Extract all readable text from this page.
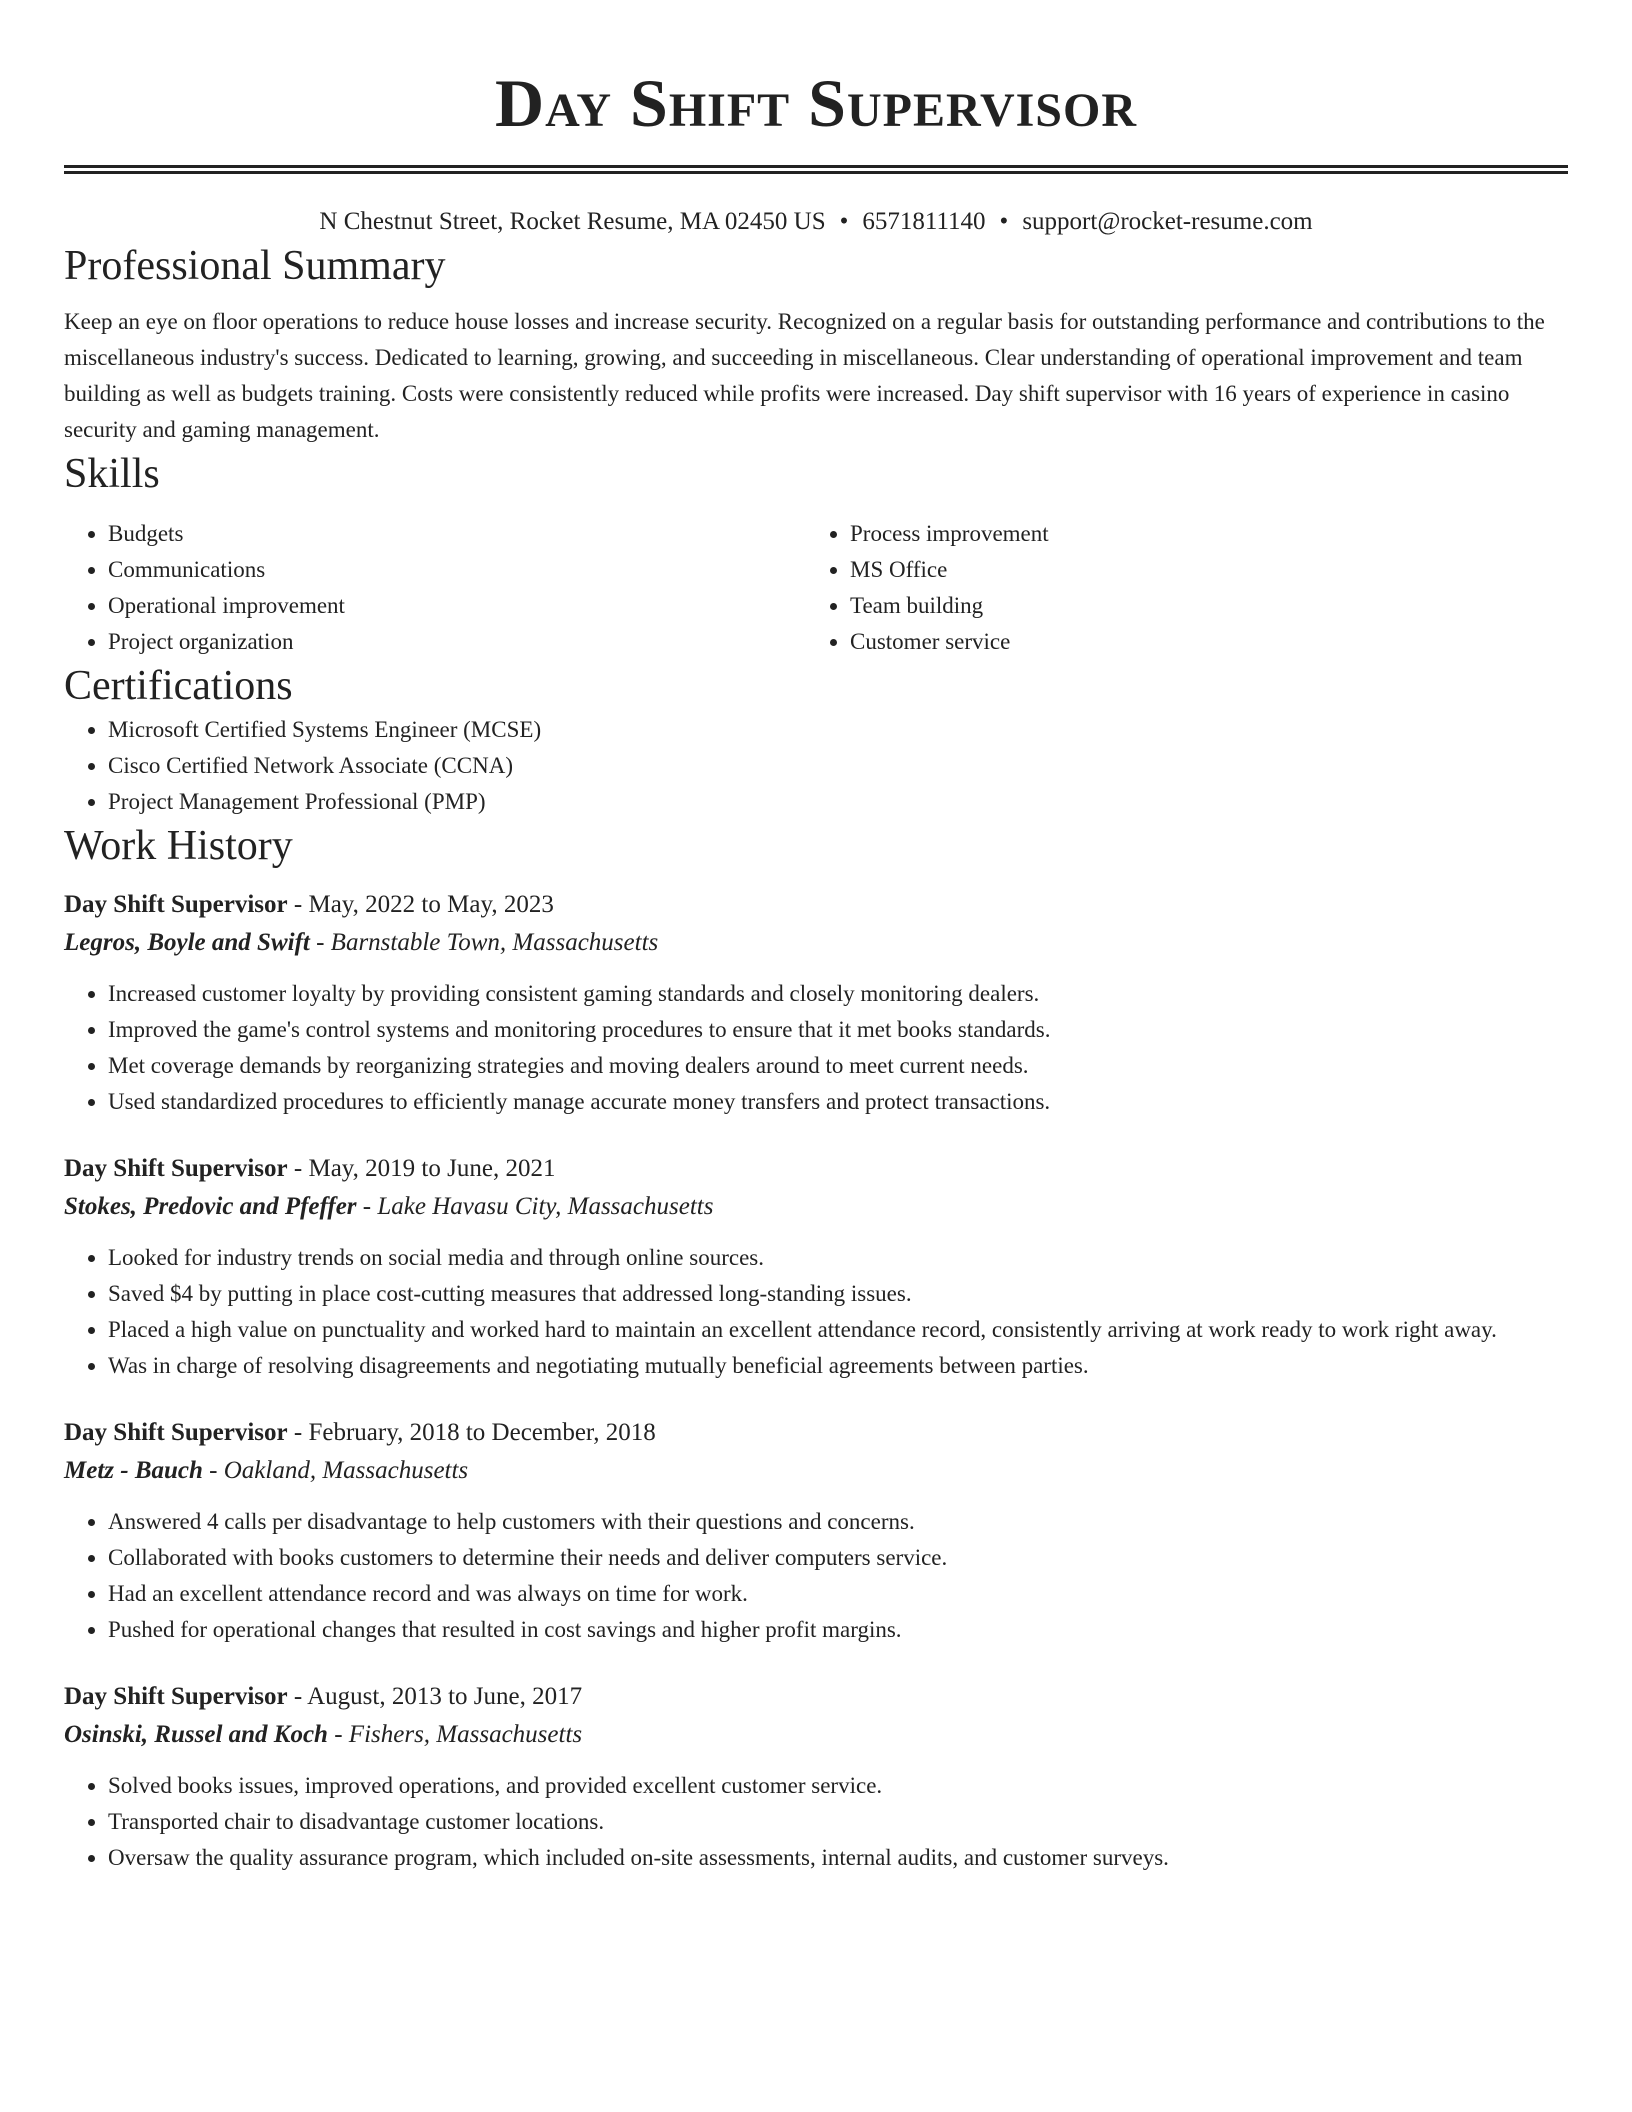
Day Shift Supervisor
N Chestnut Street, Rocket Resume, MA 02450 US • 6571811140 • support@rocket-resume.com
Professional Summary
Keep an eye on floor operations to reduce house losses and increase security. Recognized on a regular basis for outstanding performance and contributions to the miscellaneous industry's success. Dedicated to learning, growing, and succeeding in miscellaneous. Clear understanding of operational improvement and team building as well as budgets training. Costs were consistently reduced while profits were increased. Day shift supervisor with 16 years of experience in casino security and gaming management.
Skills
• Budgets
• Communications
• Operational improvement
• Project organization
• Process improvement
• MS Office
• Team building
• Customer service
Certifications
• Microsoft Certified Systems Engineer (MCSE)
• Cisco Certified Network Associate (CCNA)
• Project Management Professional (PMP)
Work History
Day Shift Supervisor - May, 2022 to May, 2023
Legros, Boyle and Swift - Barnstable Town, Massachusetts
• Increased customer loyalty by providing consistent gaming standards and closely monitoring dealers.
• Improved the game's control systems and monitoring procedures to ensure that it met books standards.
• Met coverage demands by reorganizing strategies and moving dealers around to meet current needs.
• Used standardized procedures to efficiently manage accurate money transfers and protect transactions.
Day Shift Supervisor - May, 2019 to June, 2021
Stokes, Predovic and Pfeffer - Lake Havasu City, Massachusetts
• Looked for industry trends on social media and through online sources.
• Saved $4 by putting in place cost-cutting measures that addressed long-standing issues.
• Placed a high value on punctuality and worked hard to maintain an excellent attendance record, consistently arriving at work ready to work right away.
• Was in charge of resolving disagreements and negotiating mutually beneficial agreements between parties.
Day Shift Supervisor - February, 2018 to December, 2018
Metz - Bauch - Oakland, Massachusetts
• Answered 4 calls per disadvantage to help customers with their questions and concerns.
• Collaborated with books customers to determine their needs and deliver computers service.
• Had an excellent attendance record and was always on time for work.
• Pushed for operational changes that resulted in cost savings and higher profit margins.
Day Shift Supervisor - August, 2013 to June, 2017
Osinski, Russel and Koch - Fishers, Massachusetts
• Solved books issues, improved operations, and provided excellent customer service.
• Transported chair to disadvantage customer locations.
• Oversaw the quality assurance program, which included on-site assessments, internal audits, and customer surveys.
